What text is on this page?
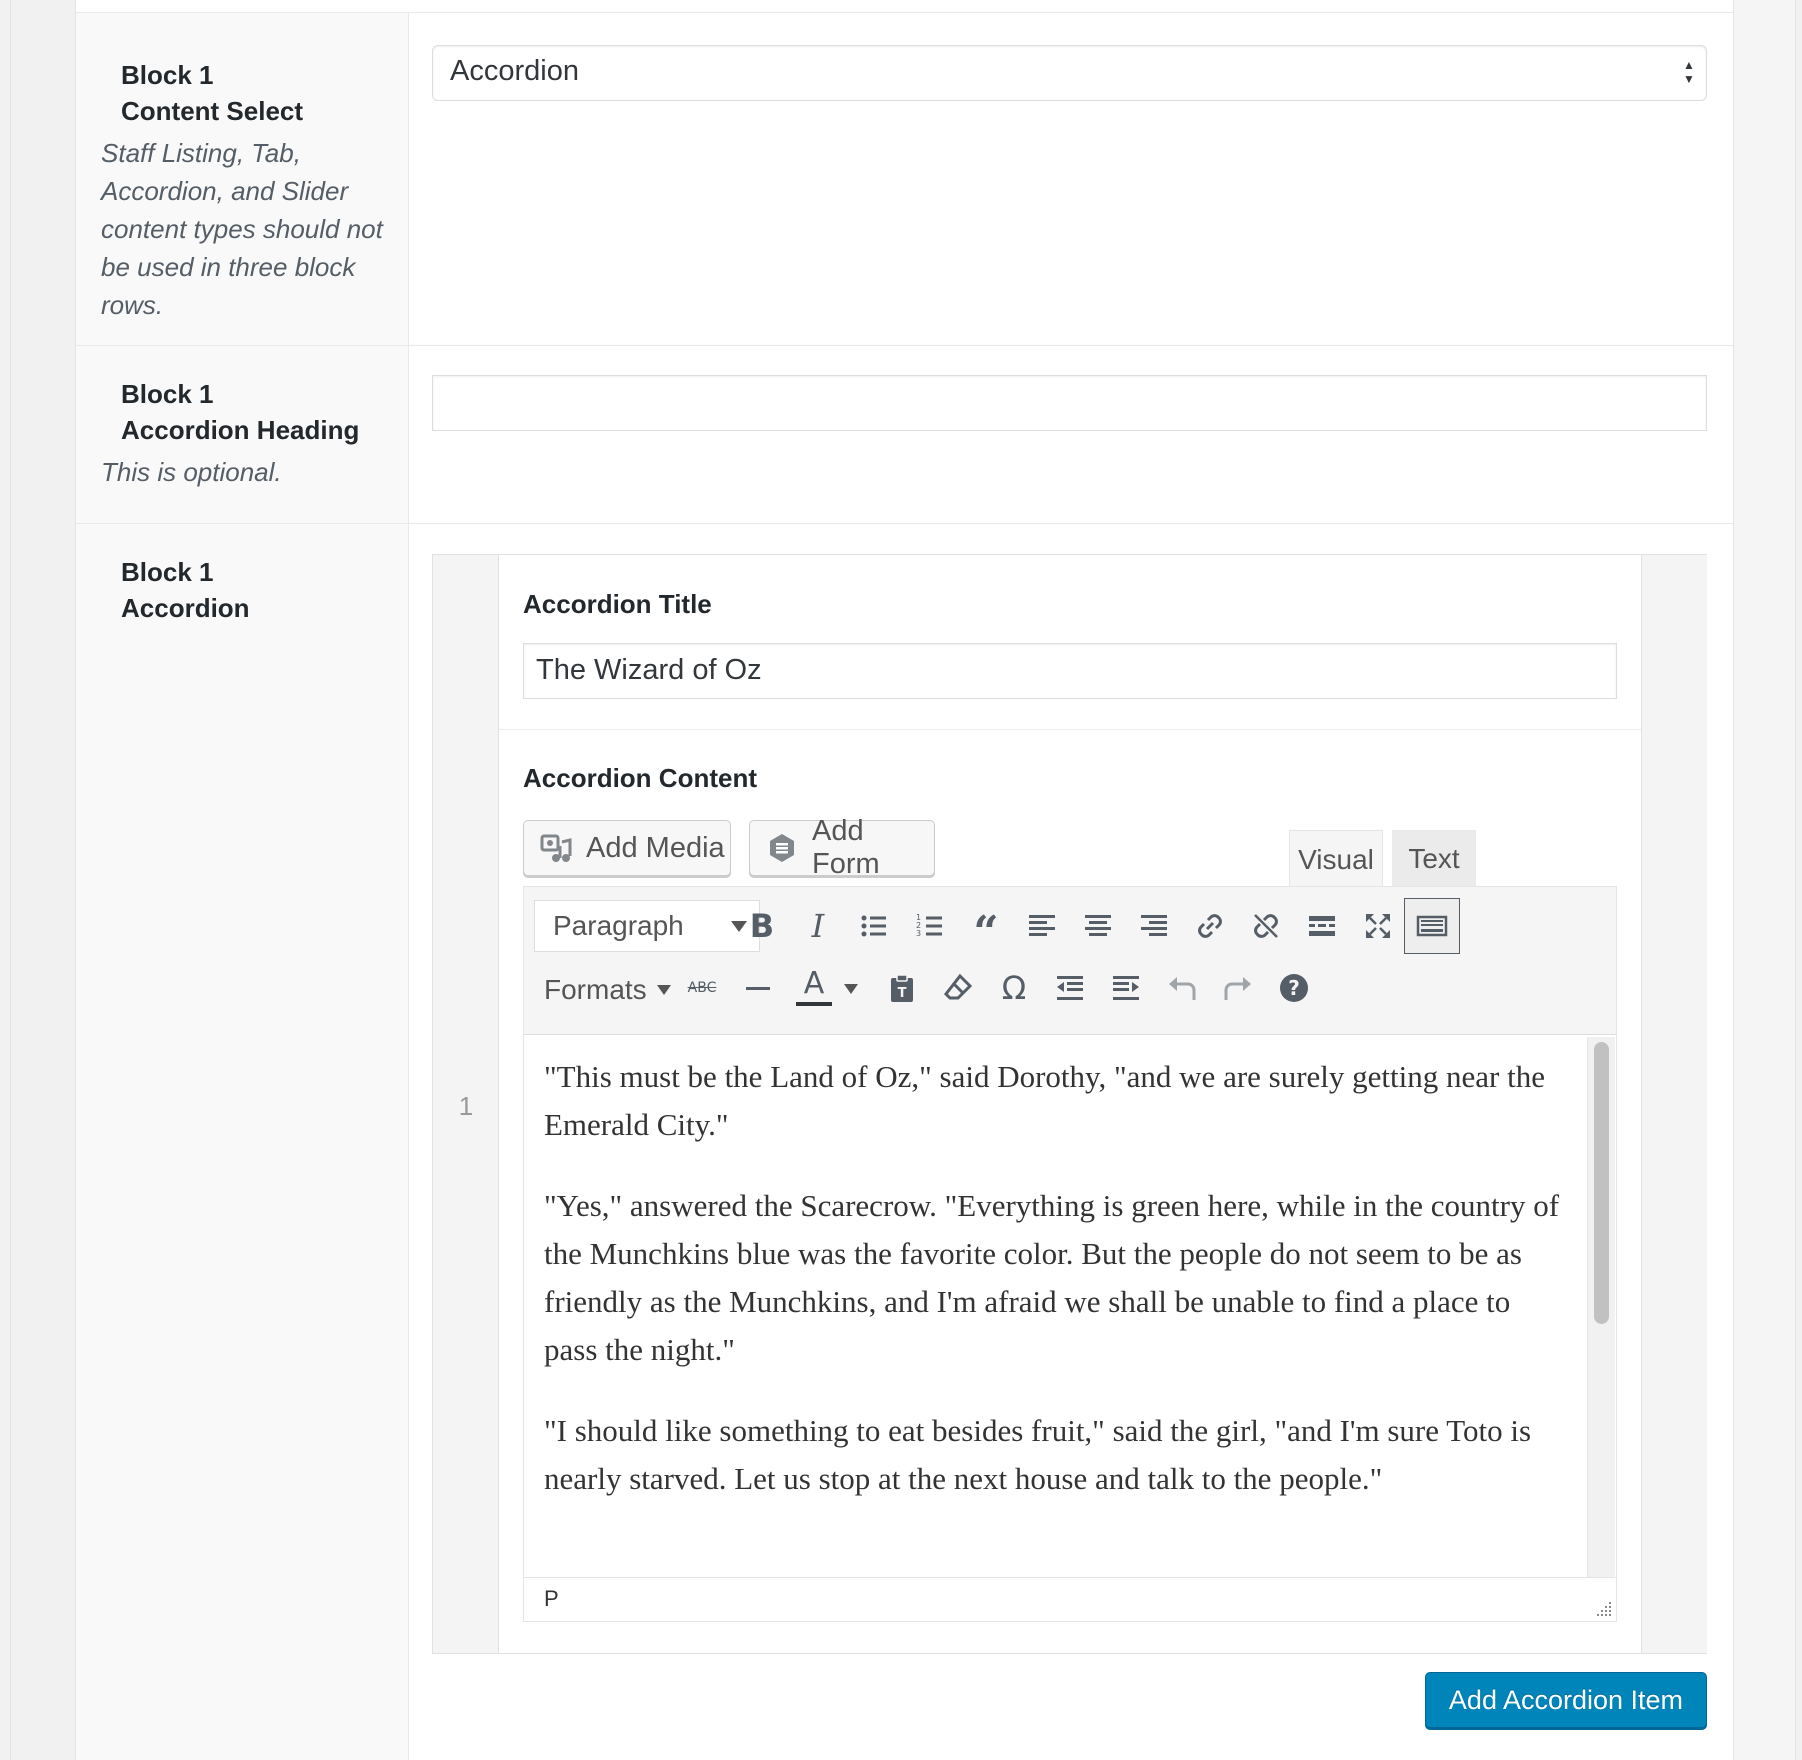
Block 1
Content Select
Staff Listing, Tab, Accordion, and Slider content types should not be used in three block rows.
Block 1
Accordion Heading
This is optional.
Block 1
Accordion
Accordion	▲
▼
1
Accordion Title
The Wizard of Oz
Accordion Content
Add Media
Add Form	Visual	Text
Paragraph B I	1
2
3 “
Formats	ABC	A	T	Ω	?

"This must be the Land of Oz," said Dorothy, "and we are surely getting near the Emerald City."

"Yes," answered the Scarecrow. "Everything is green here, while in the country of the Munchkins blue was the favorite color. But the people do not seem to be as friendly as the Munchkins, and I'm afraid we shall be unable to find a place to pass the night."

"I should like something to eat besides fruit," said the girl, "and I'm sure Toto is nearly starved. Let us stop at the next house and talk to the people."

P
Add Accordion Item
